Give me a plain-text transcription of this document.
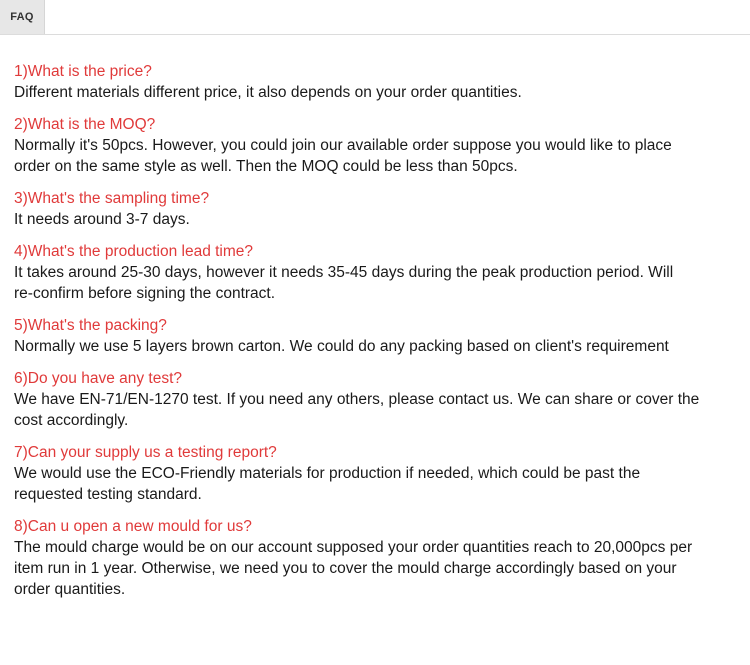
FAQ
1)What is the price?
Different materials different price, it also depends on your order quantities.
2)What is the MOQ?
Normally it's 50pcs. However, you could join our available order suppose you would like to place
order on the same style as well. Then the MOQ could be less than 50pcs.
3)What's the sampling time?
It needs around 3-7 days.
4)What's the production lead time?
It takes around 25-30 days, however it needs 35-45 days during the peak production period. Will
re-confirm before signing the contract.
5)What's the packing?
Normally we use 5 layers brown carton. We could do any packing based on client's requirement
6)Do you have any test?
We have EN-71/EN-1270 test. If you need any others, please contact us. We can share or cover the
cost accordingly.
7)Can your supply us a testing report?
We would use the ECO-Friendly materials for production if needed, which could be past the
requested testing standard.
8)Can u open a new mould for us?
The mould charge would be on our account supposed your order quantities reach to 20,000pcs per
item run in 1 year. Otherwise, we need you to cover the mould charge accordingly based on your
order quantities.
